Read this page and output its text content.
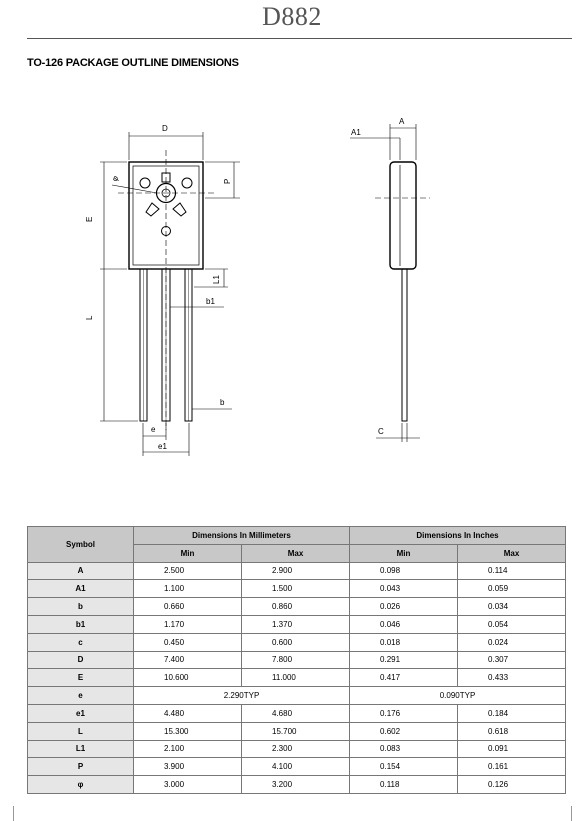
D882
TO-126 PACKAGE OUTLINE DIMENSIONS
D
E
P
φ
L
L1
b1
b
e
e1
A
A1
C
Symbol	Dimensions In Millimeters		Dimensions In Inches	
	Min	Max	Min	Max
A	2.500	2.900	0.098	0.114
A1	1.100	1.500	0.043	0.059
b	0.660	0.860	0.026	0.034
b1	1.170	1.370	0.046	0.054
c	0.450	0.600	0.018	0.024
D	7.400	7.800	0.291	0.307
E	10.600	11.000	0.417	0.433
e	2.290TYP		0.090TYP	
e1	4.480	4.680	0.176	0.184
L	15.300	15.700	0.602	0.618
L1	2.100	2.300	0.083	0.091
P	3.900	4.100	0.154	0.161
φ	3.000	3.200	0.118	0.126
